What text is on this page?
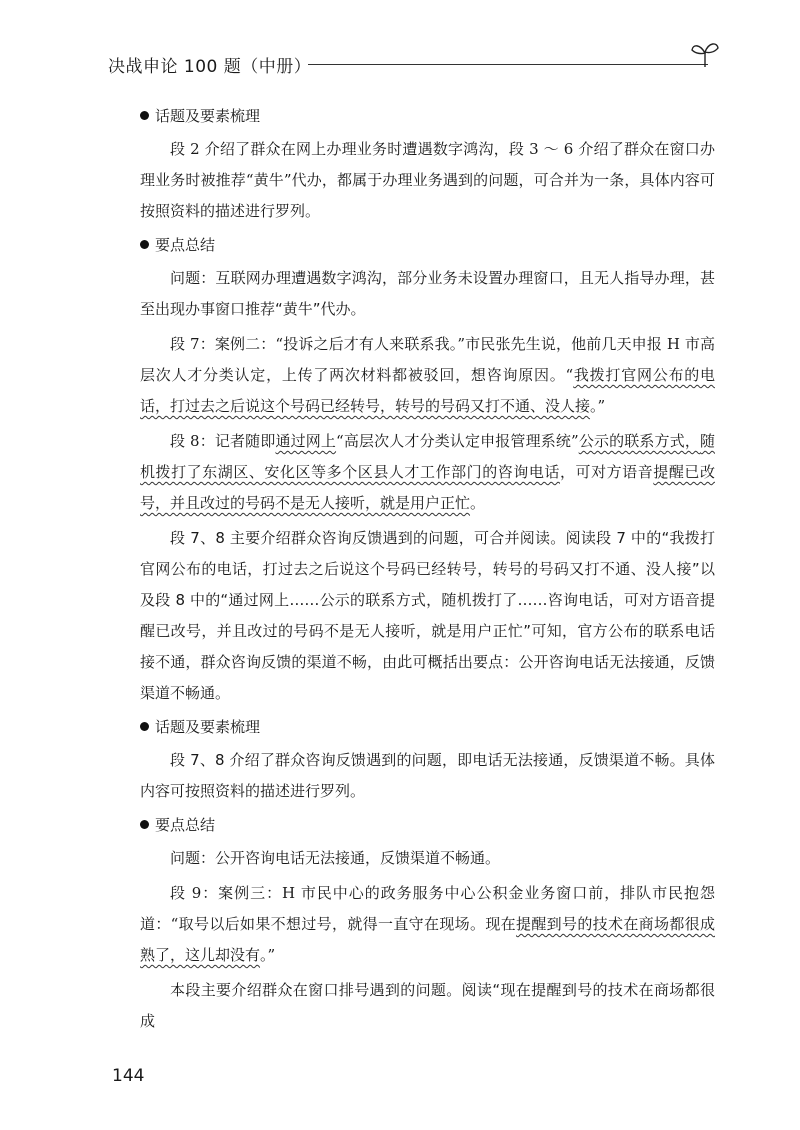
决战申论 100 题（中册）
话题及要素梳理

段 2 介绍了群众在网上办理业务时遭遇数字鸿沟，段 3 ～ 6 介绍了群众在窗口办理业务时被推荐“黄牛”代办，都属于办理业务遇到的问题，可合并为一条，具体内容可按照资料的描述进行罗列。

要点总结

问题：互联网办理遭遇数字鸿沟，部分业务未设置办理窗口，且无人指导办理，甚至出现办事窗口推荐“黄牛”代办。

段 7：案例二：“投诉之后才有人来联系我。”市民张先生说，他前几天申报 H 市高层次人才分类认定，上传了两次材料都被驳回，想咨询原因。“我拨打官网公布的电话，打过去之后说这个号码已经转号，转号的号码又打不通、没人接。”

段 8：记者随即通过网上“高层次人才分类认定申报管理系统”公示的联系方式，随机拨打了东湖区、安化区等多个区县人才工作部门的咨询电话，可对方语音提醒已改号，并且改过的号码不是无人接听，就是用户正忙。

段 7、8 主要介绍群众咨询反馈遇到的问题，可合并阅读。阅读段 7 中的“我拨打官网公布的电话，打过去之后说这个号码已经转号，转号的号码又打不通、没人接”以及段 8 中的“通过网上……公示的联系方式，随机拨打了……咨询电话，可对方语音提醒已改号，并且改过的号码不是无人接听，就是用户正忙”可知，官方公布的联系电话接不通，群众咨询反馈的渠道不畅，由此可概括出要点：公开咨询电话无法接通，反馈渠道不畅通。

话题及要素梳理

段 7、8 介绍了群众咨询反馈遇到的问题，即电话无法接通，反馈渠道不畅。具体内容可按照资料的描述进行罗列。

要点总结

问题：公开咨询电话无法接通，反馈渠道不畅通。

段 9：案例三：H 市民中心的政务服务中心公积金业务窗口前，排队市民抱怨道：“取号以后如果不想过号，就得一直守在现场。现在提醒到号的技术在商场都很成熟了，这儿却没有。”

本段主要介绍群众在窗口排号遇到的问题。阅读“现在提醒到号的技术在商场都很成

144
